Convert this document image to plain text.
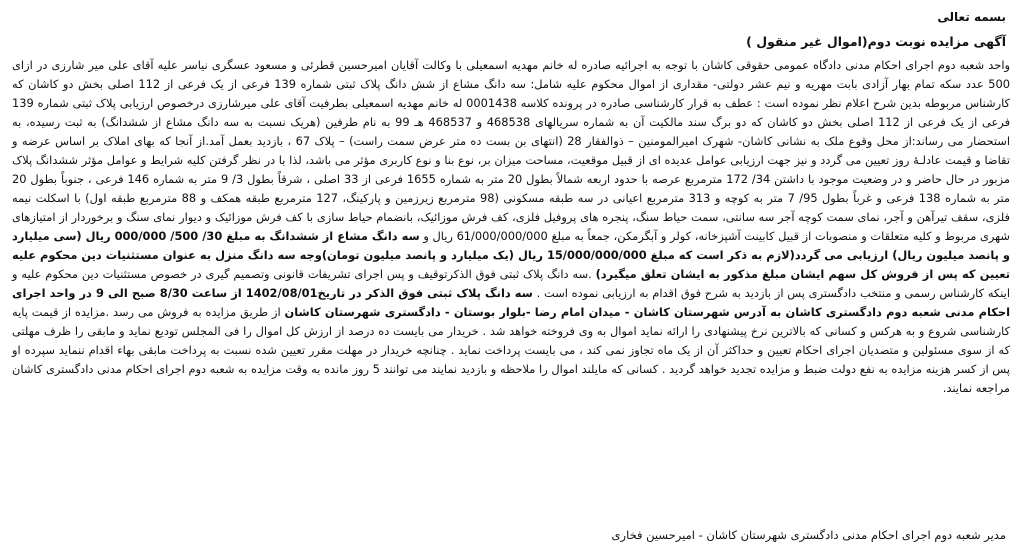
بسمه تعالی
آگهی مزایده نوبت دوم(اموال غیر منقول )

واحد شعبه دوم اجرای احکام مدنی دادگاه عمومی حقوقی کاشان با توجه به اجرائیه صادره له خانم مهدیه اسمعیلی با وکالت آقایان امیرحسین قطرئی و مسعود عسگری نیاسر علیه آقای علی میر شارزی در ازای 500 عدد سکه تمام بهار آزادی بابت مهریه و نیم عشر دولتی- مقداری از اموال محکوم علیه شامل: سه دانگ مشاع از شش دانگ پلاک ثبتی شماره 139 فرعی از یک فرعی از 112 اصلی بخش دو کاشان که کارشناس مربوطه بدین شرح اعلام نظر نموده است : عطف به قرار کارشناسی صادره در پرونده کلاسه 0001438 له خانم مهدیه اسمعیلی بطرفیت آقای علی میرشارزی درخصوص ارزیابی پلاک ثبتی شماره 139 فرعی از یک فرعی از 112 اصلی بخش دو کاشان که دو برگ سند مالکیت آن به شماره سریالهای 468538 و 468537 هـ 99 به نام طرفین (هریک نسبت به سه دانگ مشاع از ششدانگ) به ثبت رسیده، به استحضار می رساند:از محل وقوع ملک به نشانی کاشان- شهرک امیرالمومنین – ذوالفقار 28 (انتهای بن بست ده متر عرض سمت راست) – پلاک 67 ، بازدید بعمل آمد.از آنجا که بهای املاک بر اساس عرضه و تقاضا و قیمت عادلـهٔ روز تعیین می گردد و نیز جهت ارزیابی عوامل عدیده ای از قبیل موقعیت، مساحت میزان بر، نوع بنا و نوع کاربری مؤثر می باشد، لذا با در نظر گرفتن کلیه شرایط و عوامل مؤثر ششدانگ پلاک مزبور در حال حاضر و در وضعیت موجود با داشتن 34/ 172 مترمربع عرصه با حدود اربعه شمالاً بطول 20 متر به شماره 1655 فرعی از 33 اصلی ، شرقاً بطول 3/ 9 متر به شماره 146 فرعی ، جنوباً بطول 20 متر به شماره 138 فرعی و غرباً بطول 95/ 7 متر به کوچه و 313 مترمربع اعیانی در سه طبقه مسکونی (98 مترمربع زیرزمین و پارکینگ، 127 مترمربع طبقه همکف و 88 مترمربع طبقه اول) با اسکلت نیمه فلزی، سقف تیرآهن و آجر، نمای سمت کوچه آجر سه سانتی، سمت حیاط سنگ، پنجره های پروفیل فلزی، کف فرش موزائیک، بانضمام حیاط سازی با کف فرش موزائیک و دیوار نمای سنگ و برخوردار از امتیازهای شهری مربوط و کلیه متعلقات و منصوبات از قبیل کابینت آشپزخانه، کولر و آبگرمکن، جمعاً به مبلغ 61/000/000/000 ریال و سه دانگ مشاع از ششدانگ به مبلغ 30/ 500/ 000/000 ریال (سی میلیارد و پانصد میلیون ریال) ارزیابی می گردد(لازم به ذکر است که مبلغ 15/000/000/000 ریال (یک میلیارد و پانصد میلیون تومان)وجه سه دانگ منزل به عنوان مستثنیات دین محکوم علیه تعیین که پس از فروش کل سهم ایشان مبلغ مذکور به ایشان تعلق میگیرد) .سه دانگ پلاک ثبتی فوق الذکرتوقیف و پس اجرای تشریفات قانونی وتصمیم گیری در خصوص مستثنیات دین محکوم علیه و اینکه کارشناس رسمی و منتخب دادگستری پس از بازدید به شرح فوق اقدام به ارزیابی نموده است . سه دانگ پلاک ثبتی فوق الذکر در تاریخ1402/08/01 از ساعت 8/30 صبح الی 9 در واحد اجرای احکام مدنی شعبه دوم دادگستری کاشان به آدرس شهرستان کاشان - میدان امام رضا -بلوار بوستان - دادگستری شهرستان کاشان از طریق مزایده به فروش می رسد .مزایده از قیمت پایه کارشناسی شروع و به هرکس و کسانی که بالاترین نرخ پیشنهادی را ارائه نماید اموال به وی فروخته خواهد شد . خریدار می بایست ده درصد از ارزش کل اموال را فی المجلس تودیع نماید و مابقی را ظرف مهلتی که از سوی مسئولین و متصدیان اجرای احکام تعیین و حداکثر آن از یک ماه تجاوز نمی کند ، می بایست پرداخت نماید . چنانچه خریدار در مهلت مقرر تعیین شده نسبت به پرداخت مابقی بهاء اقدام ننماید سپرده او پس از کسر هزینه مزایده به نفع دولت ضبط و مزایده تجدید خواهد گردید . کسانی که مایلند اموال را ملاحظه و بازدید نمایند می توانند 5 روز مانده به وقت مزایده به شعبه دوم اجرای احکام مدنی دادگستری کاشان مراجعه نمایند.

مدیر شعبه دوم اجرای احکام مدنی دادگستری شهرستان کاشان - امیرحسین فخاری
